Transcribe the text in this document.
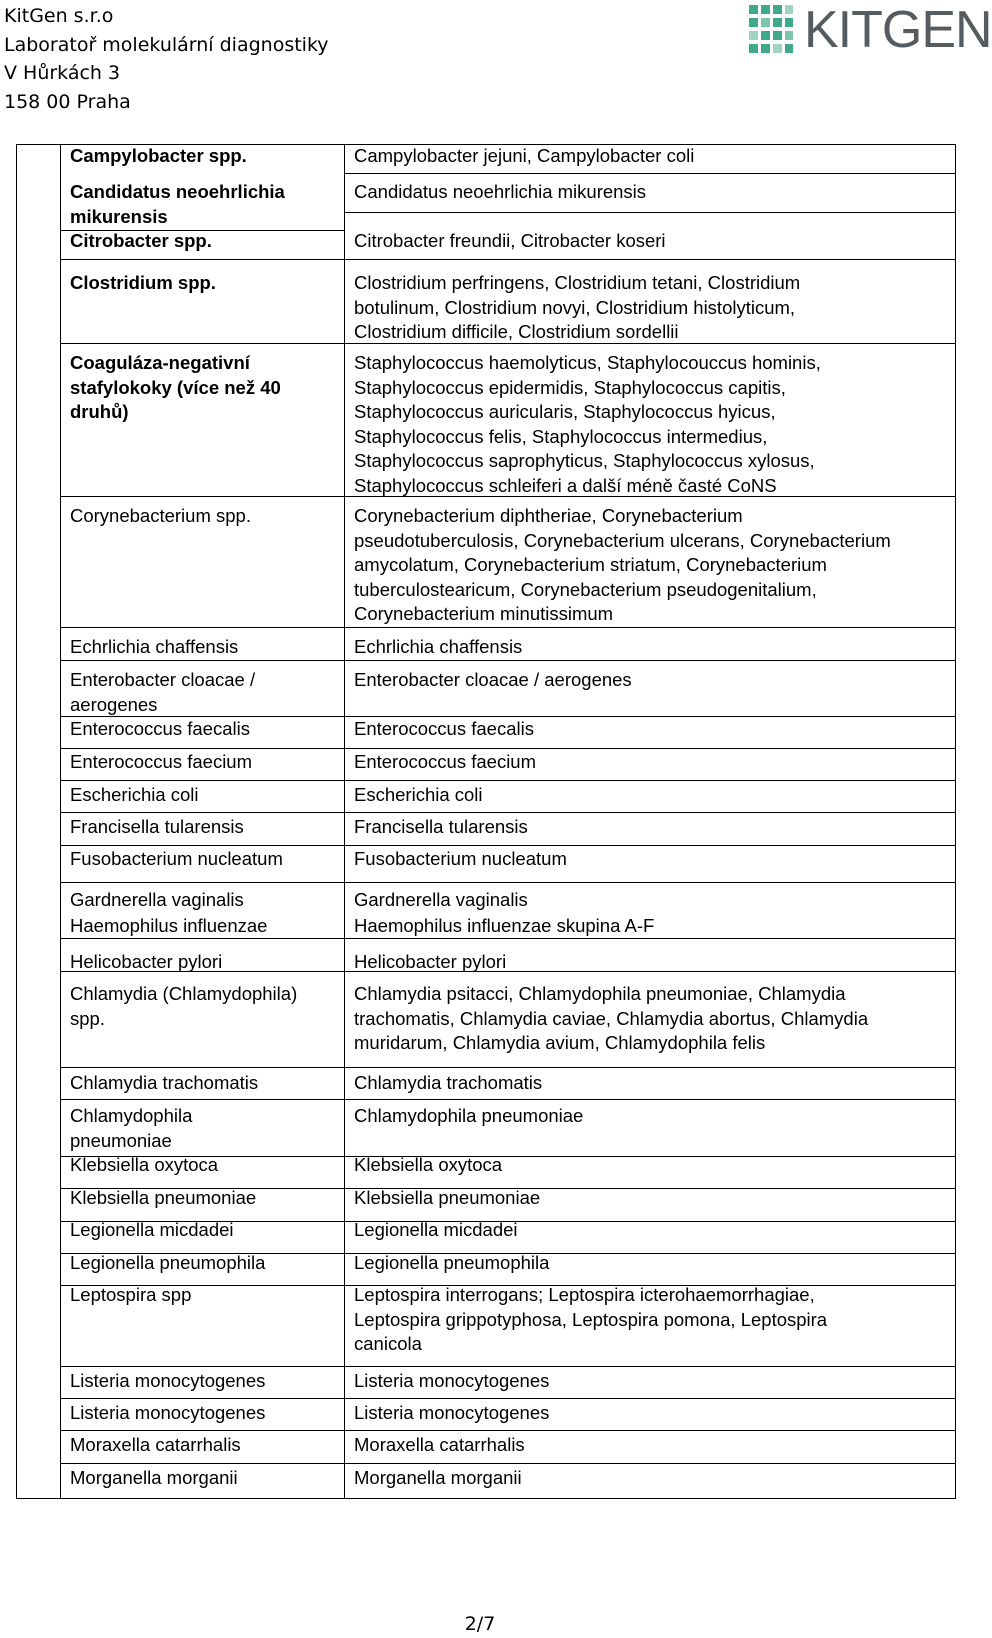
KitGen s.r.o
Laboratoř molekulární diagnostiky
V Hůrkách 3
158 00 Praha
KITGEN
Campylobacter spp.
Candidatus neoehrlichia mikurensis
Citrobacter spp.
Clostridium spp.
Coaguláza-negativní stafylokoky (více než 40 druhů)
Corynebacterium spp.
Echrlichia chaffensis
Enterobacter cloacae / aerogenes
Enterococcus faecalis
Enterococcus faecium
Escherichia coli
Francisella tularensis
Fusobacterium nucleatum
Gardnerella vaginalis
Haemophilus influenzae
Helicobacter pylori
Chlamydia (Chlamydophila) spp.
Chlamydia trachomatis
Chlamydophila pneumoniae
Klebsiella oxytoca
Klebsiella pneumoniae
Legionella micdadei
Legionella pneumophila
Leptospira spp
Listeria monocytogenes
Listeria monocytogenes
Moraxella catarrhalis
Morganella morganii
Campylobacter jejuni, Campylobacter coli
Candidatus neoehrlichia mikurensis
Citrobacter freundii, Citrobacter koseri
Clostridium perfringens, Clostridium tetani, Clostridium botulinum, Clostridium novyi, Clostridium histolyticum, Clostridium difficile, Clostridium sordellii
Staphylococcus haemolyticus, Staphylocouccus hominis, Staphylococcus epidermidis, Staphylococcus capitis, Staphylococcus auricularis, Staphylococcus hyicus, Staphylococcus felis, Staphylococcus intermedius, Staphylococcus saprophyticus, Staphylococcus xylosus, Staphylococcus schleiferi a další méně časté CoNS
Corynebacterium diphtheriae, Corynebacterium pseudotuberculosis, Corynebacterium ulcerans, Corynebacterium amycolatum, Corynebacterium striatum, Corynebacterium tuberculostearicum, Corynebacterium pseudogenitalium, Corynebacterium minutissimum
Echrlichia chaffensis
Enterobacter cloacae / aerogenes
Enterococcus faecalis
Enterococcus faecium
Escherichia coli
Francisella tularensis
Fusobacterium nucleatum
Gardnerella vaginalis
Haemophilus influenzae skupina A-F
Helicobacter pylori
Chlamydia psitacci, Chlamydophila pneumoniae, Chlamydia trachomatis, Chlamydia caviae, Chlamydia abortus, Chlamydia muridarum, Chlamydia avium, Chlamydophila felis
Chlamydia trachomatis
Chlamydophila pneumoniae
Klebsiella oxytoca
Klebsiella pneumoniae
Legionella micdadei
Legionella pneumophila
Leptospira interrogans; Leptospira icterohaemorrhagiae, Leptospira grippotyphosa, Leptospira pomona, Leptospira canicola
Listeria monocytogenes
Listeria monocytogenes
Moraxella catarrhalis
Morganella morganii
2/7
